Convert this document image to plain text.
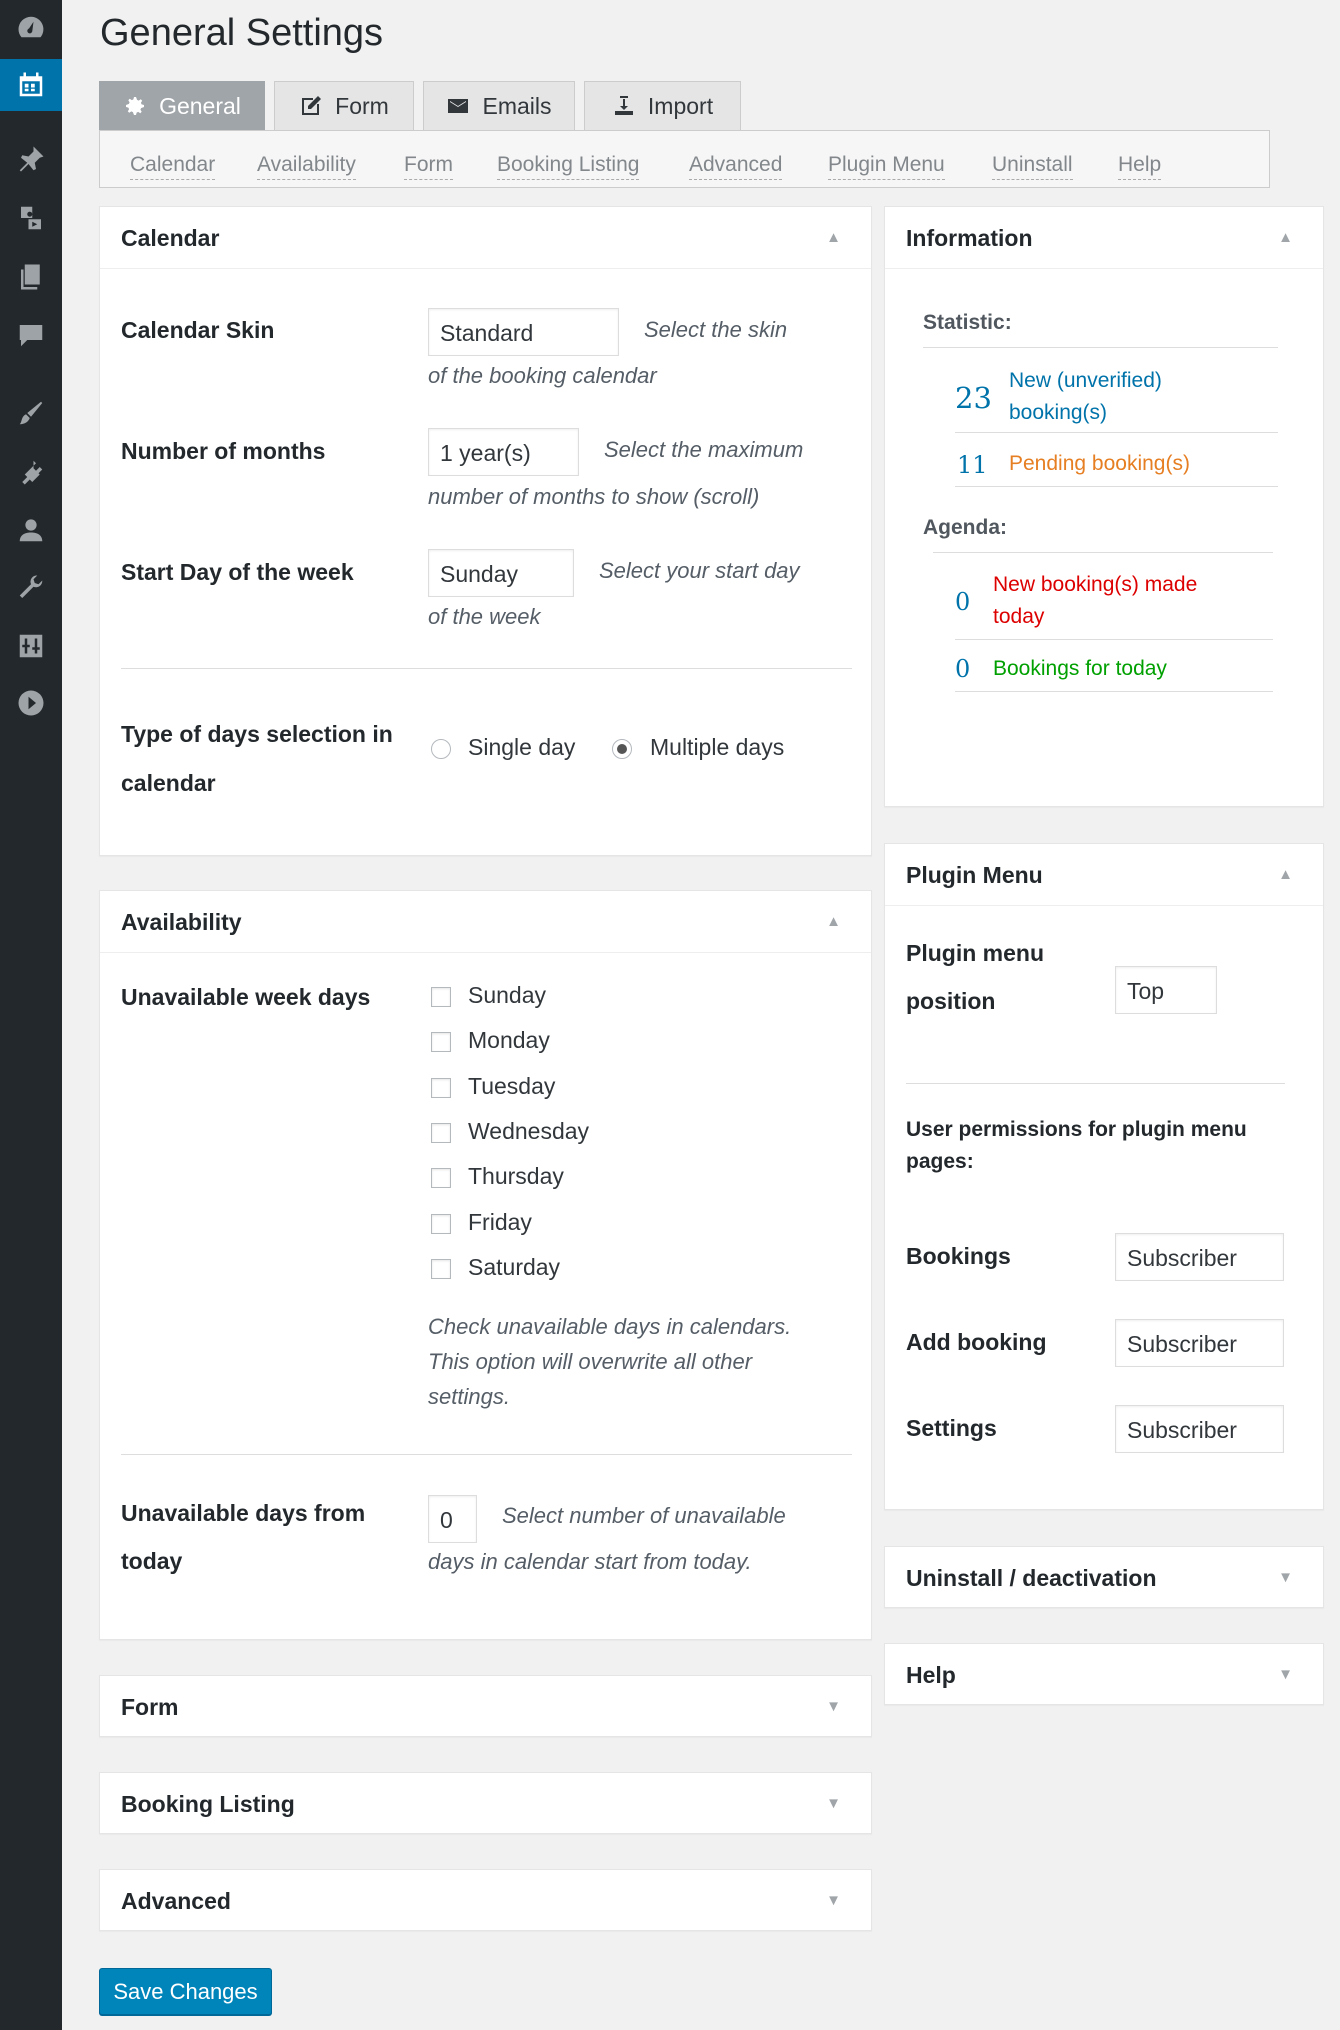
General Settings
General	Form	Emails	Import
Calendar Availability Form Booking Listing Advanced Plugin Menu Uninstall Help
Calendar	▲
Calendar Skin	Standard	Select the skin
of the booking calendar
Number of months	1 year(s)	Select the maximum
number of months to show (scroll)
Start Day of the week	Sunday	Select your start day
of the week
Type of days selection in
calendar
Single day	Multiple days
Availability	▲
Unavailable week days	Sunday
Monday
Tuesday
Wednesday
Thursday
Friday
Saturday
Check unavailable days in calendars.
This option will overwrite all other
settings.
Unavailable days from
today
0	Select number of unavailable
days in calendar start from today.
Form	▼
Booking Listing	▼
Advanced	▼
Save Changes
Information	▲
Statistic:
23
New (unverified)
booking(s)
11 Pending booking(s)
Agenda:
0
New booking(s) made
today
0 Bookings for today
Plugin Menu	▲
Plugin menu
position	Top
User permissions for plugin menu
pages:
Bookings	Subscriber
Add booking	Subscriber
Settings	Subscriber
Uninstall / deactivation	▼
Help	▼
